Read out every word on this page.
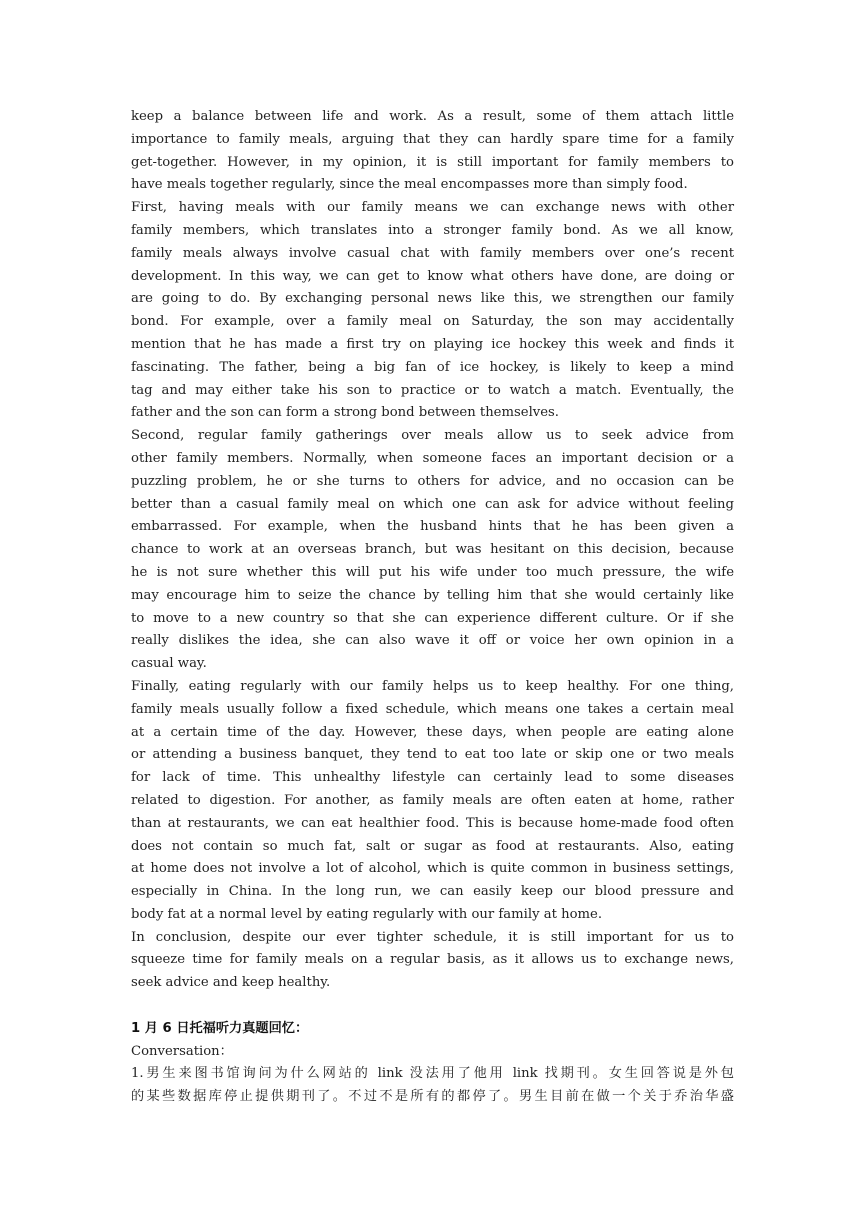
keep a balance between life and work. As a result, some of them attach little
importance to family meals, arguing that they can hardly spare time for a family
get-together. However, in my opinion, it is still important for family members to
have meals together regularly, since the meal encompasses more than simply food.
First, having meals with our family means we can exchange news with other
family members, which translates into a stronger family bond. As we all know,
family meals always involve casual chat with family members over one’s recent
development. In this way, we can get to know what others have done, are doing or
are going to do. By exchanging personal news like this, we strengthen our family
bond. For example, over a family meal on Saturday, the son may accidentally
mention that he has made a first try on playing ice hockey this week and finds it
fascinating. The father, being a big fan of ice hockey, is likely to keep a mind
tag and may either take his son to practice or to watch a match. Eventually, the
father and the son can form a strong bond between themselves.
Second, regular family gatherings over meals allow us to seek advice from
other family members. Normally, when someone faces an important decision or a
puzzling problem, he or she turns to others for advice, and no occasion can be
better than a casual family meal on which one can ask for advice without feeling
embarrassed. For example, when the husband hints that he has been given a
chance to work at an overseas branch, but was hesitant on this decision, because
he is not sure whether this will put his wife under too much pressure, the wife
may encourage him to seize the chance by telling him that she would certainly like
to move to a new country so that she can experience different culture. Or if she
really dislikes the idea, she can also wave it off or voice her own opinion in a
casual way.
Finally, eating regularly with our family helps us to keep healthy. For one thing,
family meals usually follow a fixed schedule, which means one takes a certain meal
at a certain time of the day. However, these days, when people are eating alone
or attending a business banquet, they tend to eat too late or skip one or two meals
for lack of time. This unhealthy lifestyle can certainly lead to some diseases
related to digestion. For another, as family meals are often eaten at home, rather
than at restaurants, we can eat healthier food. This is because home-made food often
does not contain so much fat, salt or sugar as food at restaurants. Also, eating
at home does not involve a lot of alcohol, which is quite common in business settings,
especially in China. In the long run, we can easily keep our blood pressure and
body fat at a normal level by eating regularly with our family at home.
In conclusion, despite our ever tighter schedule, it is still important for us to
squeeze time for family meals on a regular basis, as it allows us to exchange news,
seek advice and keep healthy.
1 月 6 日托福听力真题回忆：
Conversation：
1.男生来图书馆询问为什么网站的 link 没法用了他用 link 找期刊。女生回答说是外包
的某些数据库停止提供期刊了。不过不是所有的都停了。男生目前在做一个关于乔治华盛
